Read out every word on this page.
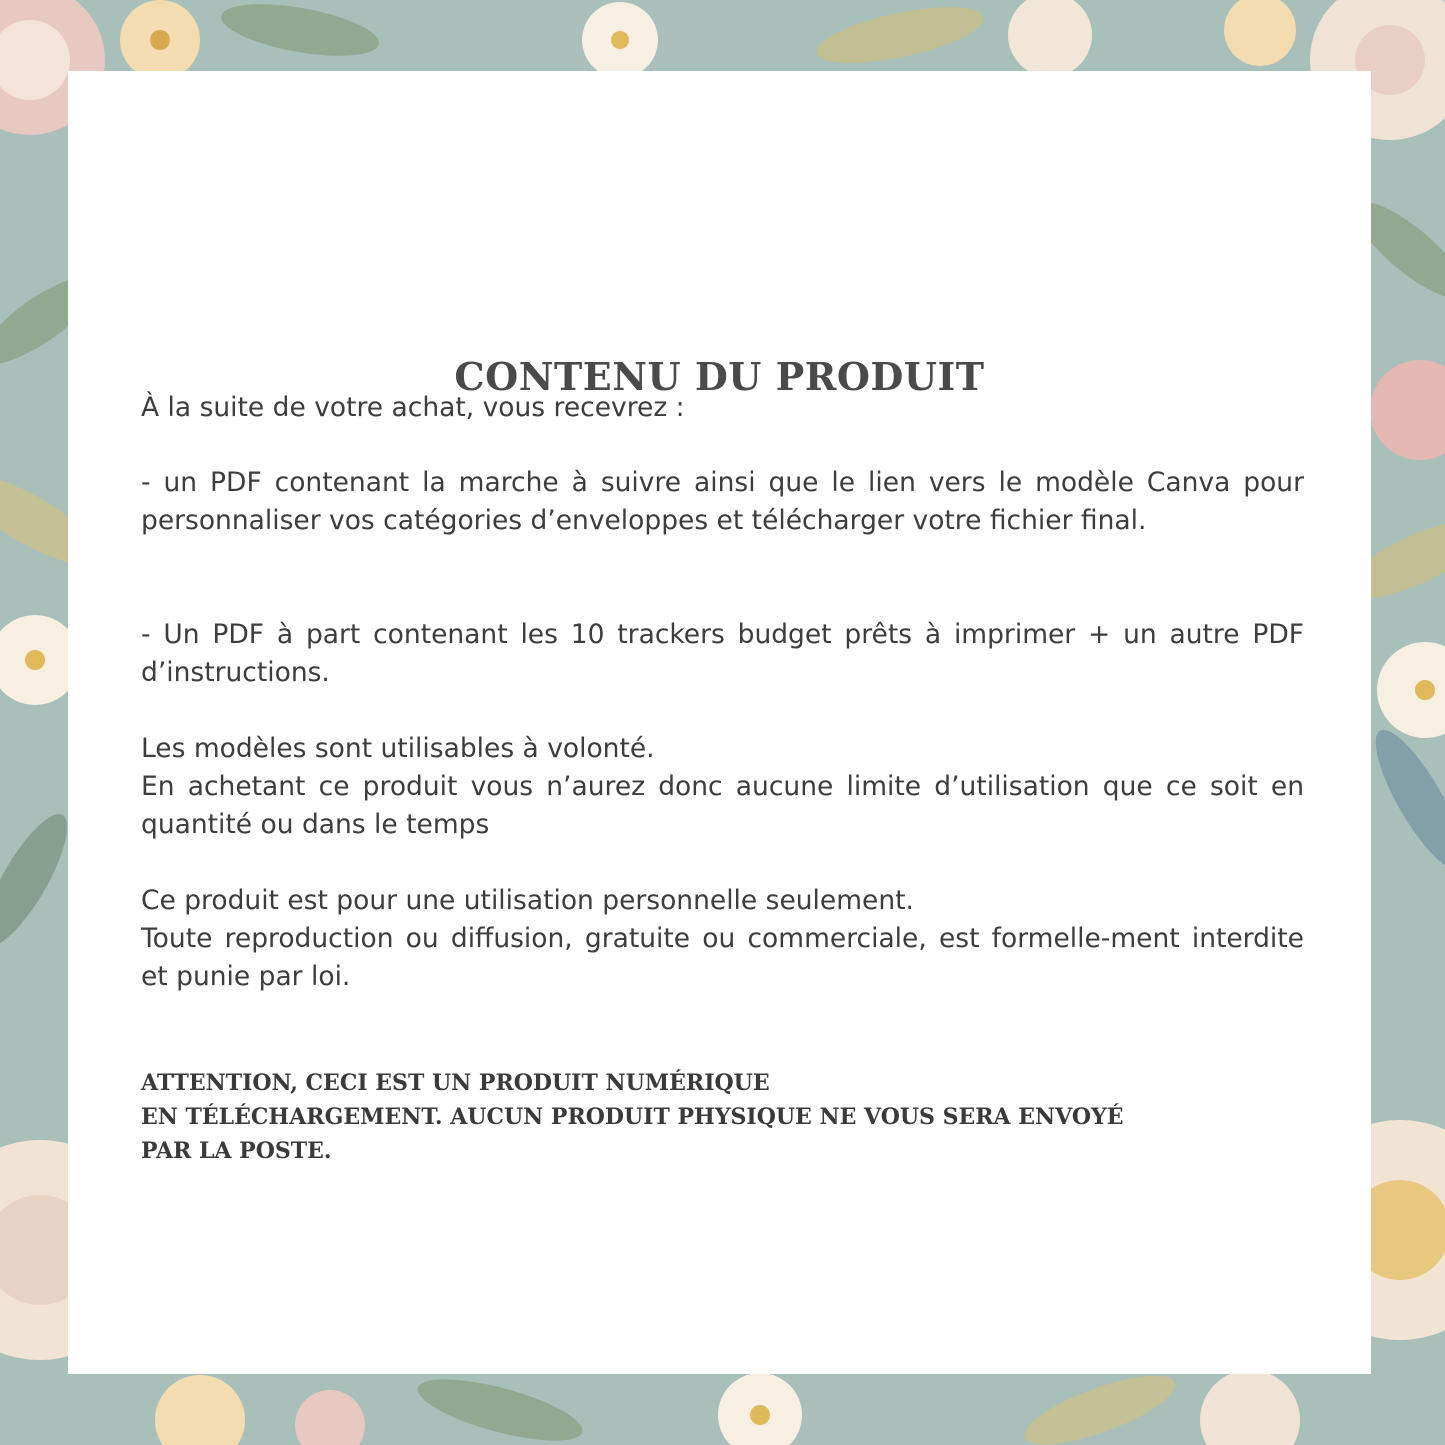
CONTENU DU PRODUIT

À la suite de votre achat, vous recevrez :

- un PDF contenant la marche à suivre ainsi que le lien vers le modèle Canva pour personnaliser vos catégories d’enveloppes et télécharger votre fichier final.

- Un PDF à part contenant les 10 trackers budget prêts à imprimer + un autre PDF d’instructions.

Les modèles sont utilisables à volonté.

En achetant ce produit vous n’aurez donc aucune limite d’utilisation que ce soit en quantité ou dans le temps

Ce produit est pour une utilisation personnelle seulement.

Toute reproduction ou diffusion, gratuite ou commerciale, est formelle-ment interdite et punie par loi.

ATTENTION, CECI EST UN PRODUIT NUMÉRIQUE
EN TÉLÉCHARGEMENT. AUCUN PRODUIT PHYSIQUE NE VOUS SERA ENVOYÉ
PAR LA POSTE.
